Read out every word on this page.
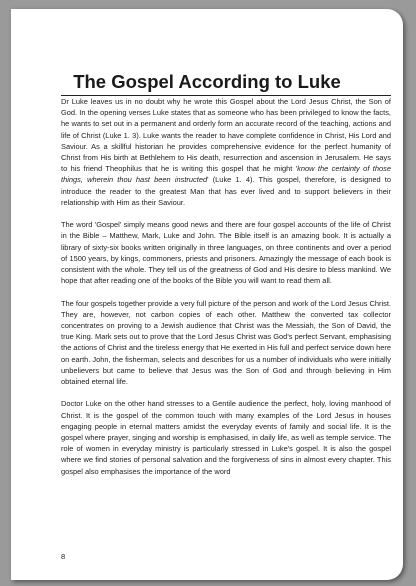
The Gospel According to Luke

Dr Luke leaves us in no doubt why he wrote this Gospel about the Lord Jesus Christ, the Son of God. In the opening verses Luke states that as someone who has been privileged to know the facts, he wants to set out in a permanent and orderly form an accurate record of the teaching, actions and life of Christ (Luke 1. 3). Luke wants the reader to have complete confidence in Christ, His Lord and Saviour. As a skillful historian he provides comprehensive evidence for the perfect humanity of Christ from His birth at Bethlehem to His death, resurrection and ascension in Jerusalem. He says to his friend Theophilus that he is writing this gospel that he might 'know the certainty of those things, wherein thou hast been instructed' (Luke 1. 4). This gospel, therefore, is designed to introduce the reader to the greatest Man that has ever lived and to support believers in their relationship with Him as their Saviour.

The word 'Gospel' simply means good news and there are four gospel accounts of the life of Christ in the Bible – Matthew, Mark, Luke and John. The Bible itself is an amazing book. It is actually a library of sixty-six books written originally in three languages, on three continents and over a period of 1500 years, by kings, commoners, priests and prisoners. Amazingly the message of each book is consistent with the whole. They tell us of the greatness of God and His desire to bless mankind. We hope that after reading one of the books of the Bible you will want to read them all.

The four gospels together provide a very full picture of the person and work of the Lord Jesus Christ. They are, however, not carbon copies of each other. Matthew the converted tax collector concentrates on proving to a Jewish audience that Christ was the Messiah, the Son of David, the true King. Mark sets out to prove that the Lord Jesus Christ was God's perfect Servant, emphasising the actions of Christ and the tireless energy that He exerted in His full and perfect service down here on earth. John, the fisherman, selects and describes for us a number of individuals who were initially unbelievers but came to believe that Jesus was the Son of God and through believing in Him obtained eternal life.

Doctor Luke on the other hand stresses to a Gentile audience the perfect, holy, loving manhood of Christ. It is the gospel of the common touch with many examples of the Lord Jesus in houses engaging people in eternal matters amidst the everyday events of family and social life. It is the gospel where prayer, singing and worship is emphasised, in daily life, as well as temple service. The role of women in everyday ministry is particularly stressed in Luke's gospel. It is also the gospel where we find stories of personal salvation and the forgiveness of sins in almost every chapter. This gospel also emphasises the importance of the word

8
